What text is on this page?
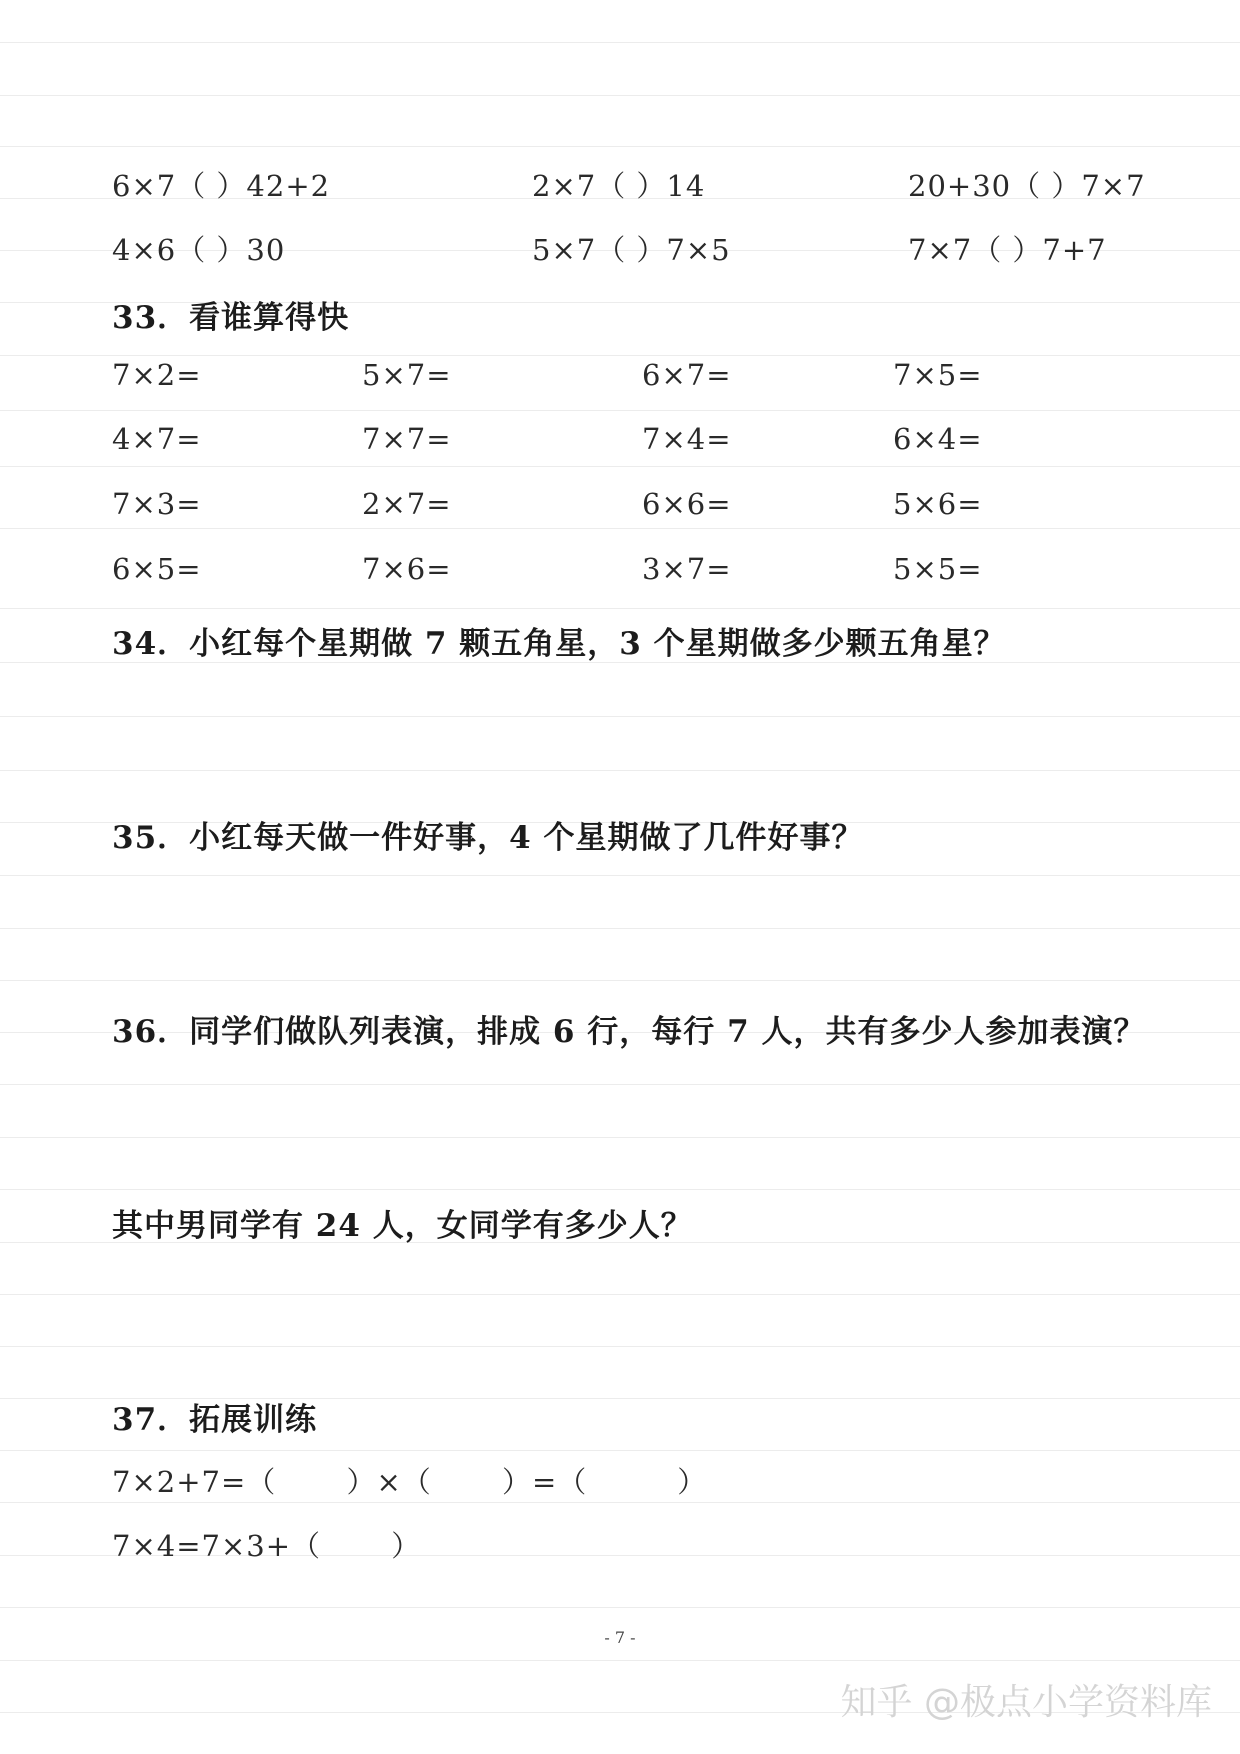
6×7（ ）42+2	2×7（ ）14	20+30（ ）7×7
4×6（ ）30	5×7（ ）7×5	7×7（ ）7+7
33．看谁算得快
7×2=	5×7=	6×7=	7×5=
4×7=	7×7=	7×4=	6×4=
7×3=	2×7=	6×6=	5×6=
6×5=	7×6=	3×7=	5×5=
34．小红每个星期做 7 颗五角星，3 个星期做多少颗五角星？
35．小红每天做一件好事，4 个星期做了几件好事？
36．同学们做队列表演，排成 6 行，每行 7 人，共有多少人参加表演？
其中男同学有 24 人，女同学有多少人？
37．拓展训练
7×2+7=（　　 ）×（　　 ）=（　　　）
7×4=7×3+（　　 ）
- 7 -
知乎 @极点小学资料库
